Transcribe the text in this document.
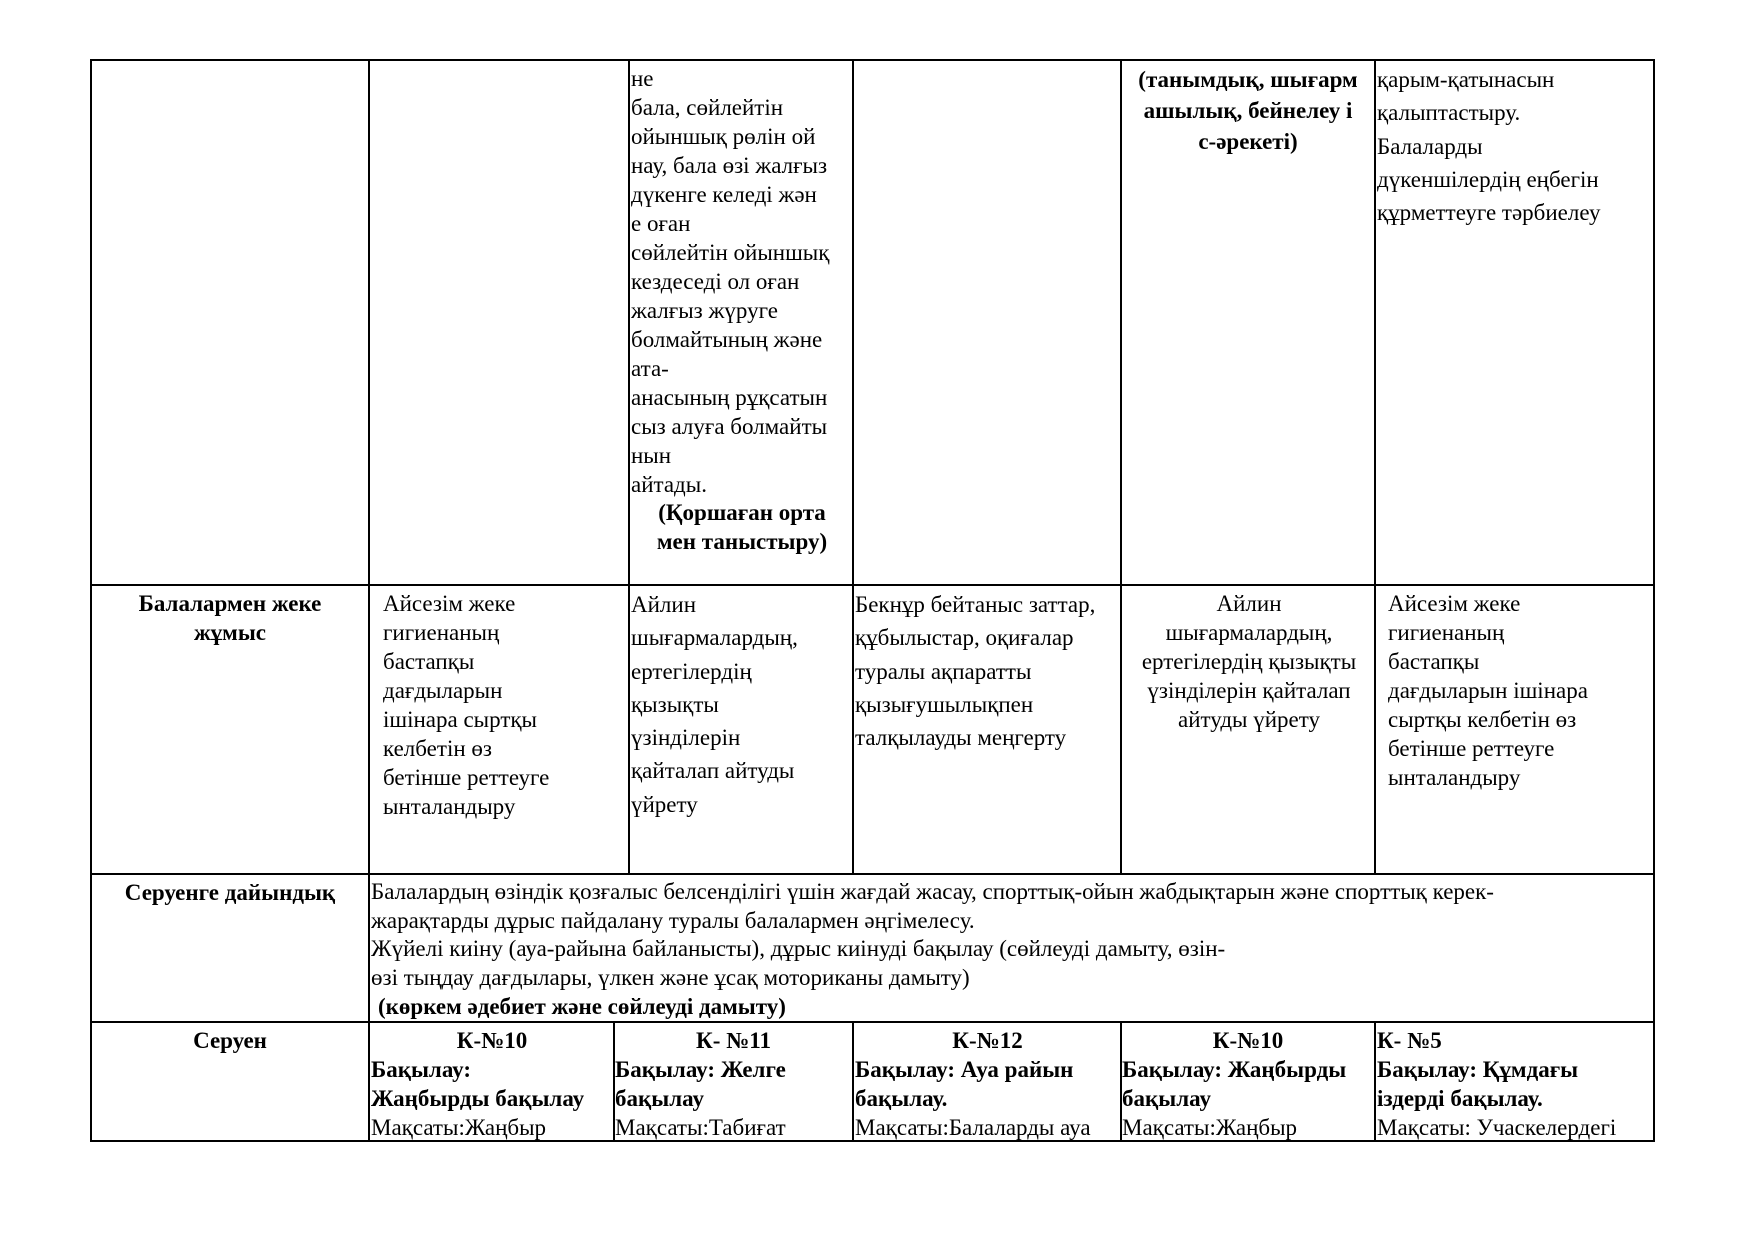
не
бала, сөйлейтін
ойыншық рөлін ой
нау, бала өзі жалғыз
дүкенге келеді жән
е оған
сөйлейтін ойыншық
кездеседі ол оған
жалғыз жүруге
болмайтының және
ата-
анасының рұқсатын
сыз алуға болмайты
нын
айтады.
(Қоршаған орта
мен таныстыру)
(танымдық, шығарм
ашылық, бейнелеу і
с-әрекеті)
қарым-қатынасын
қалыптастыру.
Балаларды
дүкеншілердің еңбегін
құрметтеуге тәрбиелеу
Балалармен жеке
жұмыс
Айсезім жеке
гигиенаның
бастапқы
дағдыларын
ішінара сыртқы
келбетін өз
бетінше реттеуге
ынталандыру
Айлин
шығармалардың,
ертегілердің
қызықты
үзінділерін
қайталап айтуды
үйрету
Бекнұр бейтаныс заттар,
құбылыстар, оқиғалар
туралы ақпаратты
қызығушылықпен
талқылауды меңгерту
Айлин
шығармалардың,
ертегілердің қызықты
үзінділерін қайталап
айтуды үйрету
Айсезім жеке
гигиенаның
бастапқы
дағдыларын ішінара
сыртқы келбетін өз
бетінше реттеуге
ынталандыру
Серуенге дайындық	Балалардың өзіндік қозғалыс белсенділігі үшін жағдай жасау, спорттық-ойын жабдықтарын және спорттық керек-
жарақтарды дұрыс пайдалану туралы балалармен әңгімелесу.
Жүйелі киіну (ауа-райына байланысты), дұрыс киінуді бақылау (сөйлеуді дамыту, өзін-
өзі тыңдау дағдылары, үлкен және ұсақ моториканы дамыту)
(көркем әдебиет және сөйлеуді дамыту)
Серуен	К-№10
Бақылау:
Жаңбырды бақылау
Мақсаты:Жаңбыр
К- №11
Бақылау: Желге
бақылау
Мақсаты:Табиғат
К-№12
Бақылау: Ауа райын
бақылау.
Мақсаты:Балаларды ауа
К-№10
Бақылау: Жаңбырды
бақылау
Мақсаты:Жаңбыр
К- №5
Бақылау: Құмдағы
іздерді бақылау.
Мақсаты: Учаскелердегі
